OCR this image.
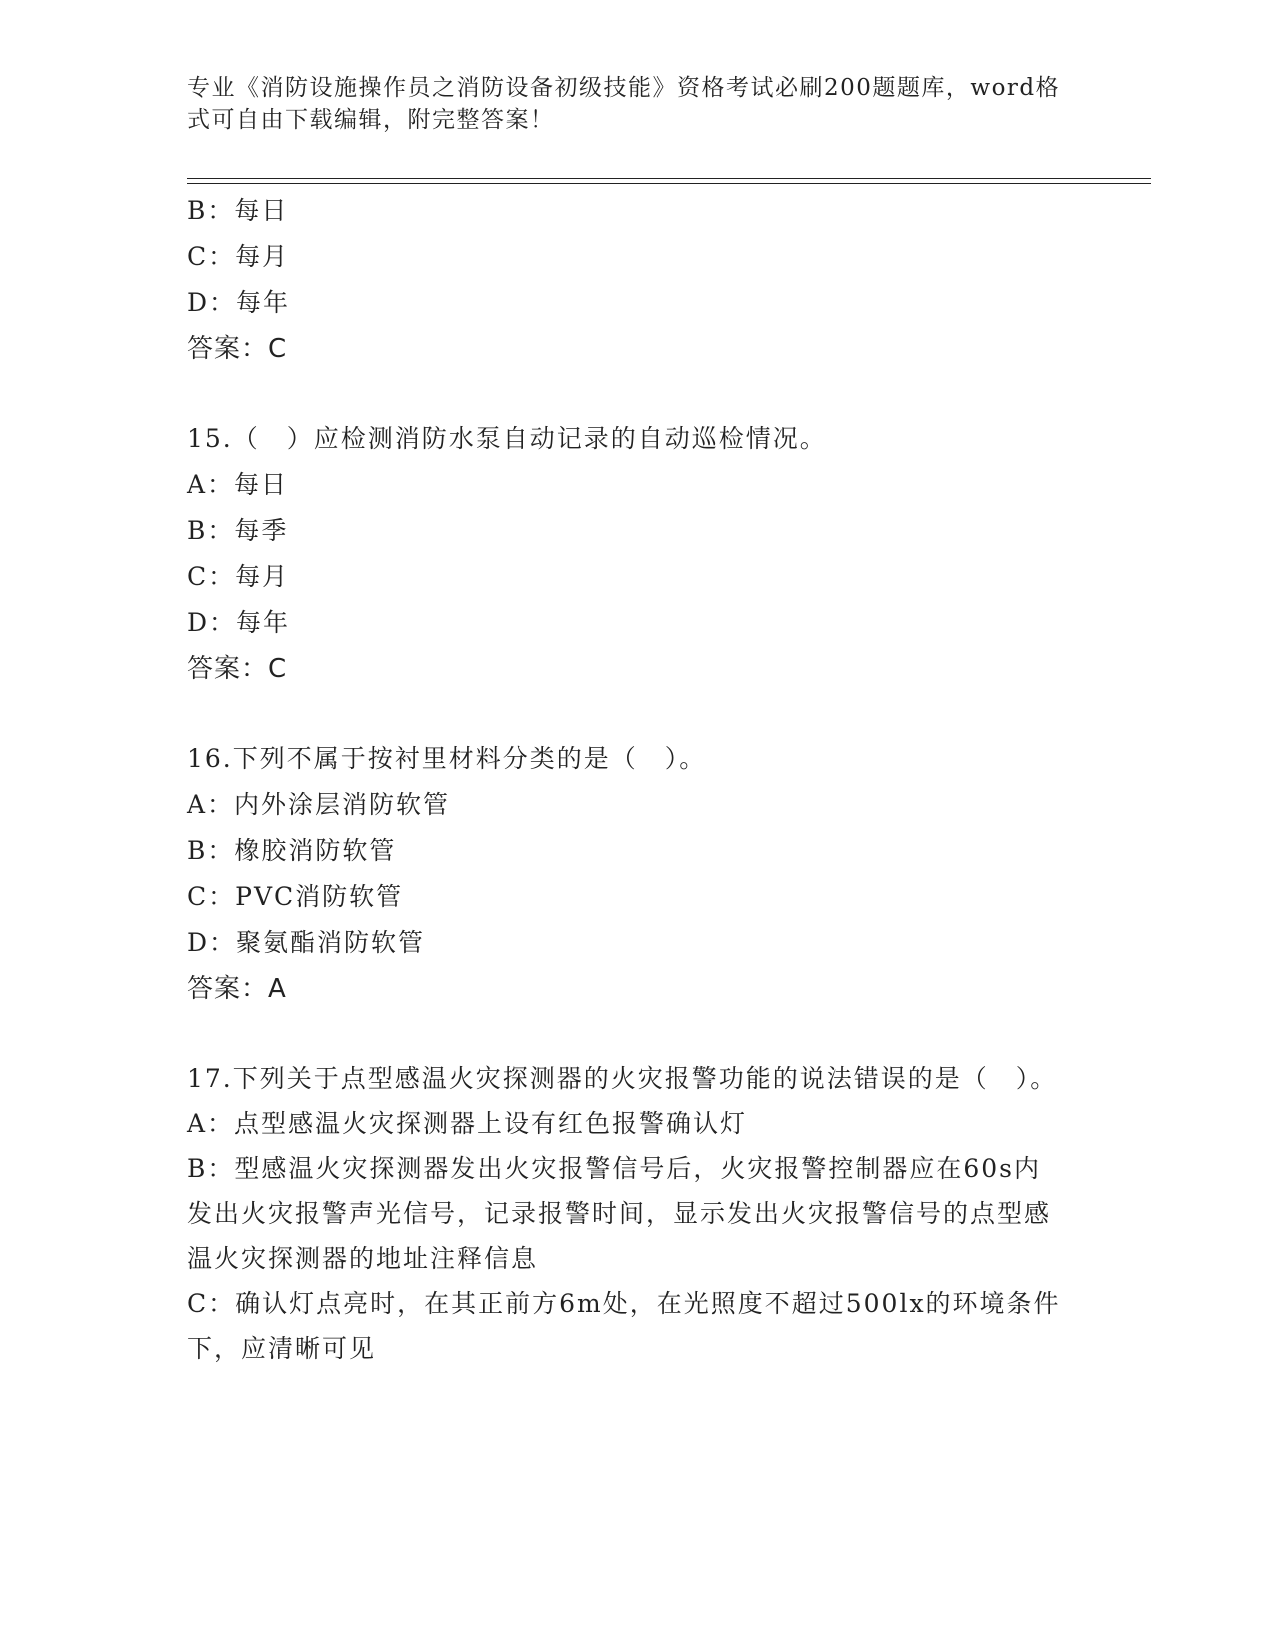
专业《消防设施操作员之消防设备初级技能》资格考试必刷200题题库，word格式可自由下载编辑，附完整答案！
B：每日
C：每月
D：每年
答案：C
15.（　）应检测消防水泵自动记录的自动巡检情况。
A：每日
B：每季
C：每月
D：每年
答案：C
16.下列不属于按衬里材料分类的是（　）。
A：内外涂层消防软管
B：橡胶消防软管
C：PVC消防软管
D：聚氨酯消防软管
答案：A
17.下列关于点型感温火灾探测器的火灾报警功能的说法错误的是（　）。
A：点型感温火灾探测器上设有红色报警确认灯
B：型感温火灾探测器发出火灾报警信号后，火灾报警控制器应在60s内发出火灾报警声光信号，记录报警时间，显示发出火灾报警信号的点型感温火灾探测器的地址注释信息
C：确认灯点亮时，在其正前方6m处，在光照度不超过500lx的环境条件下，应清晰可见
